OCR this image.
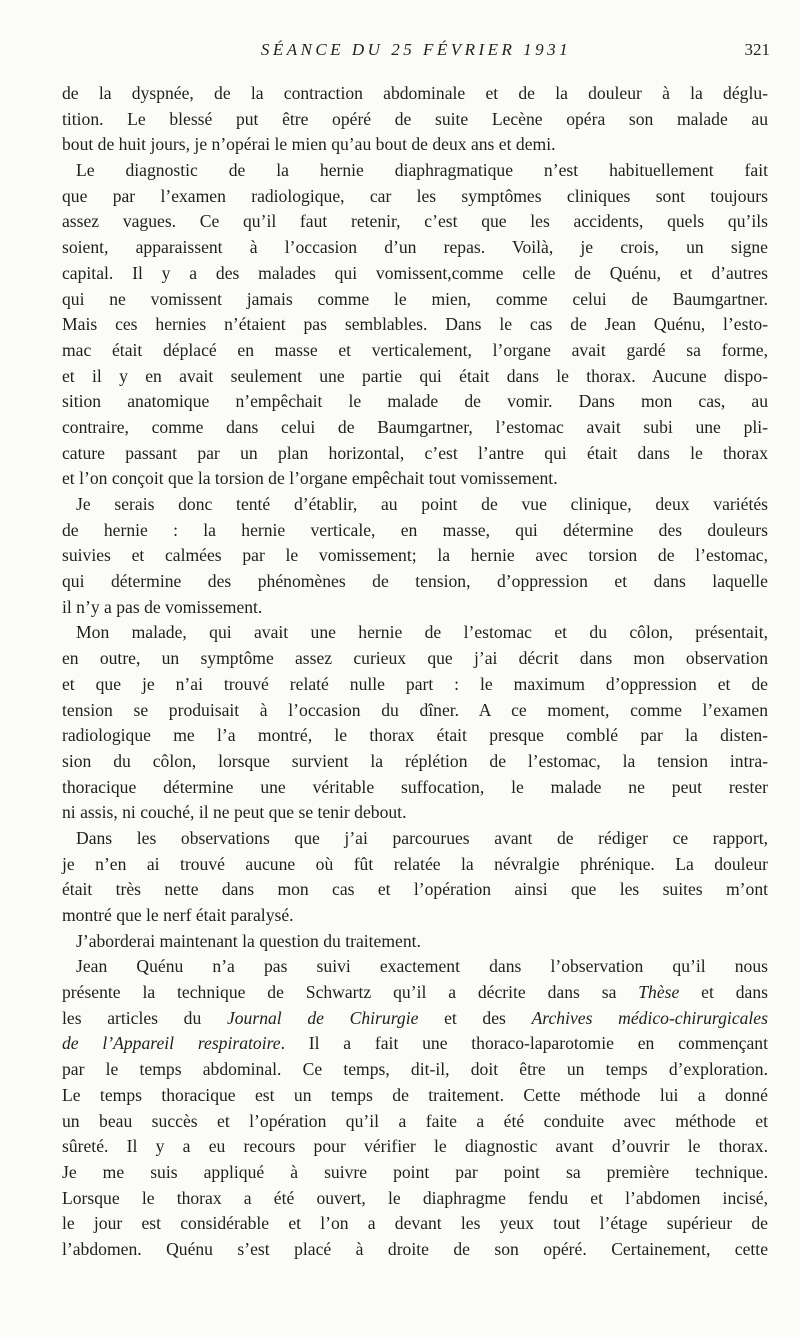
SÉANCE DU 25 FÉVRIER 1931	321
de la dyspnée, de la contraction abdominale et de la douleur à la déglu-
tition. Le blessé put être opéré de suite Lecène opéra son malade au
bout de huit jours, je n’opérai le mien qu’au bout de deux ans et demi.
Le diagnostic de la hernie diaphragmatique n’est habituellement fait
que par l’examen radiologique, car les symptômes cliniques sont toujours
assez vagues. Ce qu’il faut retenir, c’est que les accidents, quels qu’ils
soient, apparaissent à l’occasion d’un repas. Voilà, je crois, un signe
capital. Il y a des malades qui vomissent,comme celle de Quénu, et d’autres
qui ne vomissent jamais comme le mien, comme celui de Baumgartner.
Mais ces hernies n’étaient pas semblables. Dans le cas de Jean Quénu, l’esto-
mac était déplacé en masse et verticalement, l’organe avait gardé sa forme,
et il y en avait seulement une partie qui était dans le thorax. Aucune dispo-
sition anatomique n’empêchait le malade de vomir. Dans mon cas, au
contraire, comme dans celui de Baumgartner, l’estomac avait subi une pli-
cature passant par un plan horizontal, c’est l’antre qui était dans le thorax
et l’on conçoit que la torsion de l’organe empêchait tout vomissement.
Je serais donc tenté d’établir, au point de vue clinique, deux variétés
de hernie : la hernie verticale, en masse, qui détermine des douleurs
suivies et calmées par le vomissement; la hernie avec torsion de l’estomac,
qui détermine des phénomènes de tension, d’oppression et dans laquelle
il n’y a pas de vomissement.
Mon malade, qui avait une hernie de l’estomac et du côlon, présentait,
en outre, un symptôme assez curieux que j’ai décrit dans mon observation
et que je n’ai trouvé relaté nulle part : le maximum d’oppression et de
tension se produisait à l’occasion du dîner. A ce moment, comme l’examen
radiologique me l’a montré, le thorax était presque comblé par la disten-
sion du côlon, lorsque survient la réplétion de l’estomac, la tension intra-
thoracique détermine une véritable suffocation, le malade ne peut rester
ni assis, ni couché, il ne peut que se tenir debout.
Dans les observations que j’ai parcourues avant de rédiger ce rapport,
je n’en ai trouvé aucune où fût relatée la névralgie phrénique. La douleur
était très nette dans mon cas et l’opération ainsi que les suites m’ont
montré que le nerf était paralysé.
J’aborderai maintenant la question du traitement.
Jean Quénu n’a pas suivi exactement dans l’observation qu’il nous
présente la technique de Schwartz qu’il a décrite dans sa Thèse et dans
les articles du Journal de Chirurgie et des Archives médico-chirurgicales
de l’Appareil respiratoire. Il a fait une thoraco-laparotomie en commençant
par le temps abdominal. Ce temps, dit-il, doit être un temps d’exploration.
Le temps thoracique est un temps de traitement. Cette méthode lui a donné
un beau succès et l’opération qu’il a faite a été conduite avec méthode et
sûreté. Il y a eu recours pour vérifier le diagnostic avant d’ouvrir le thorax.
Je me suis appliqué à suivre point par point sa première technique.
Lorsque le thorax a été ouvert, le diaphragme fendu et l’abdomen incisé,
le jour est considérable et l’on a devant les yeux tout l’étage supérieur de
l’abdomen. Quénu s’est placé à droite de son opéré. Certainement, cette
